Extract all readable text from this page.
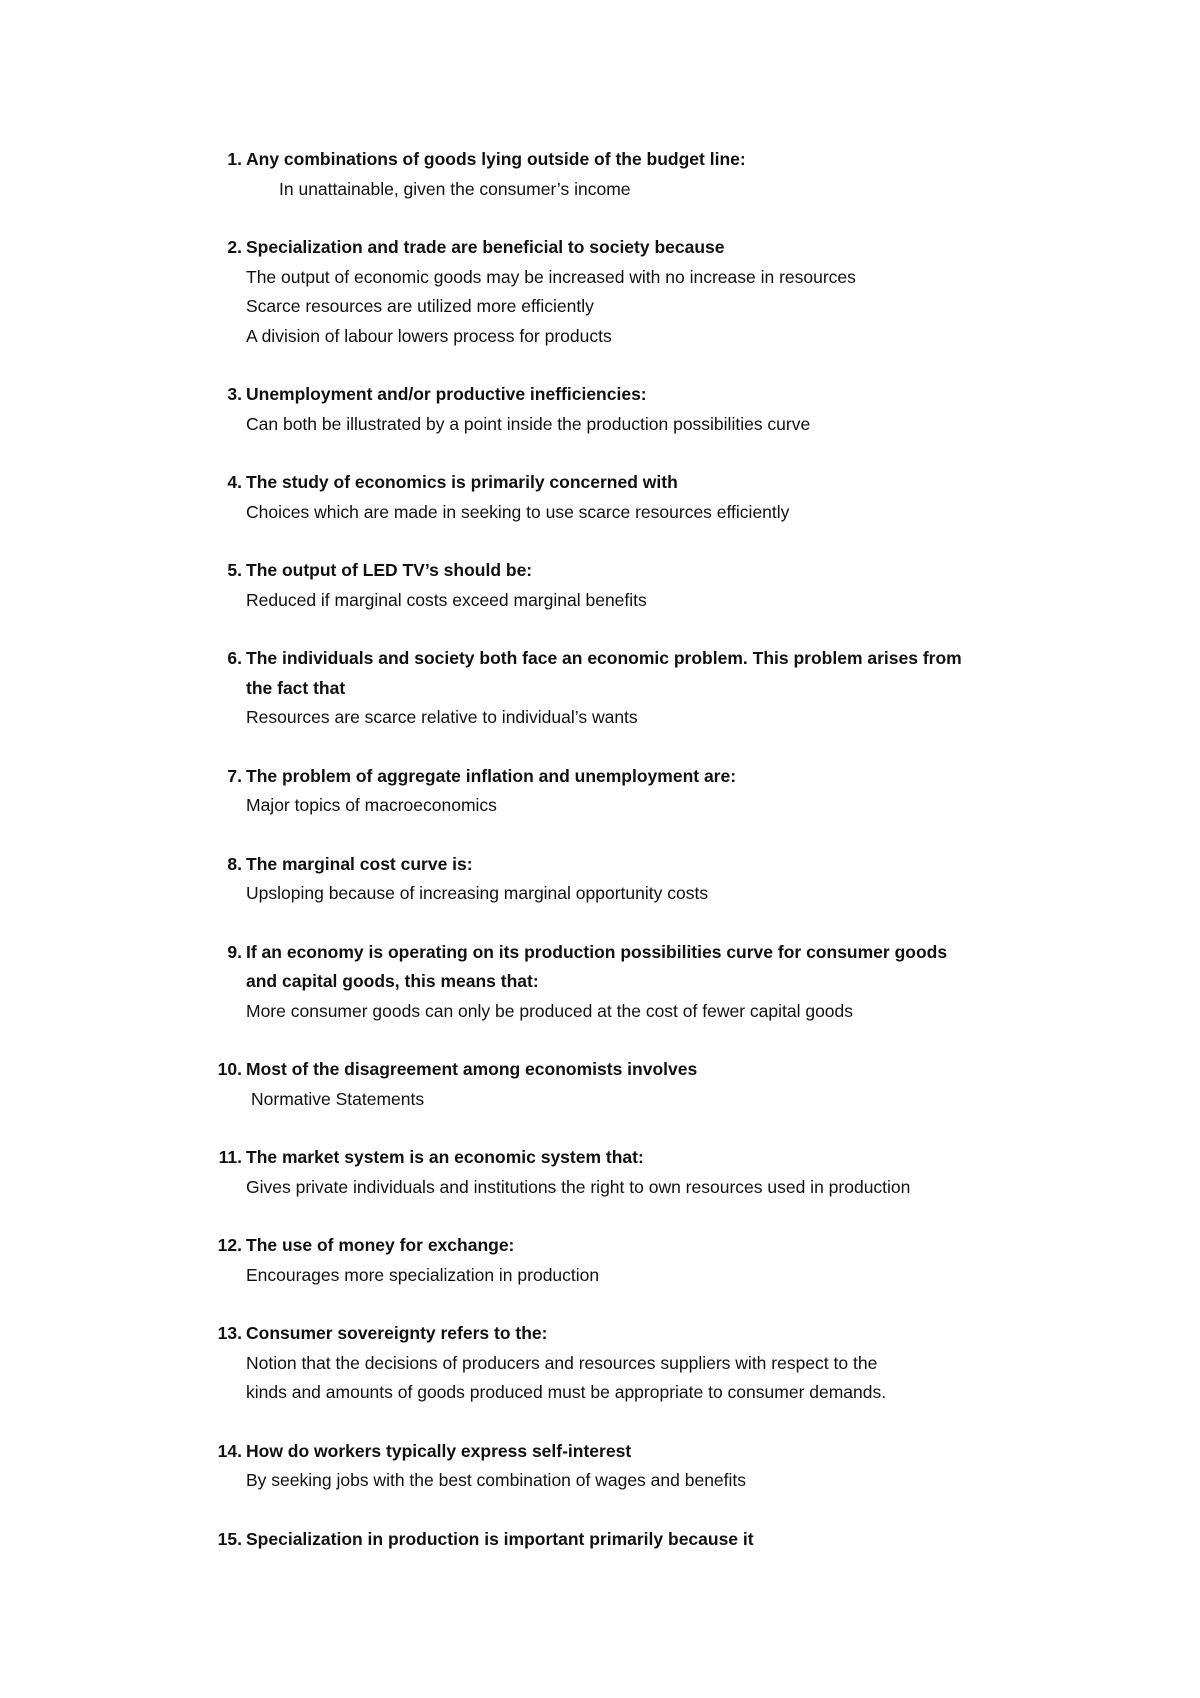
1. Any combinations of goods lying outside of the budget line:
In unattainable, given the consumer’s income
2. Specialization and trade are beneficial to society because
The output of economic goods may be increased with no increase in resources
Scarce resources are utilized more efficiently
A division of labour lowers process for products
3. Unemployment and/or productive inefficiencies:
Can both be illustrated by a point inside the production possibilities curve
4. The study of economics is primarily concerned with
Choices which are made in seeking to use scarce resources efficiently
5. The output of LED TV’s should be:
Reduced if marginal costs exceed marginal benefits
6. The individuals and society both face an economic problem. This problem arises from
the fact that
Resources are scarce relative to individual’s wants
7. The problem of aggregate inflation and unemployment are:
Major topics of macroeconomics
8. The marginal cost curve is:
Upsloping because of increasing marginal opportunity costs
9. If an economy is operating on its production possibilities curve for consumer goods
and capital goods, this means that:
More consumer goods can only be produced at the cost of fewer capital goods
10. Most of the disagreement among economists involves
Normative Statements
11. The market system is an economic system that:
Gives private individuals and institutions the right to own resources used in production
12. The use of money for exchange:
Encourages more specialization in production
13. Consumer sovereignty refers to the:
Notion that the decisions of producers and resources suppliers with respect to the
kinds and amounts of goods produced must be appropriate to consumer demands.
14. How do workers typically express self-interest
By seeking jobs with the best combination of wages and benefits
15. Specialization in production is important primarily because it
